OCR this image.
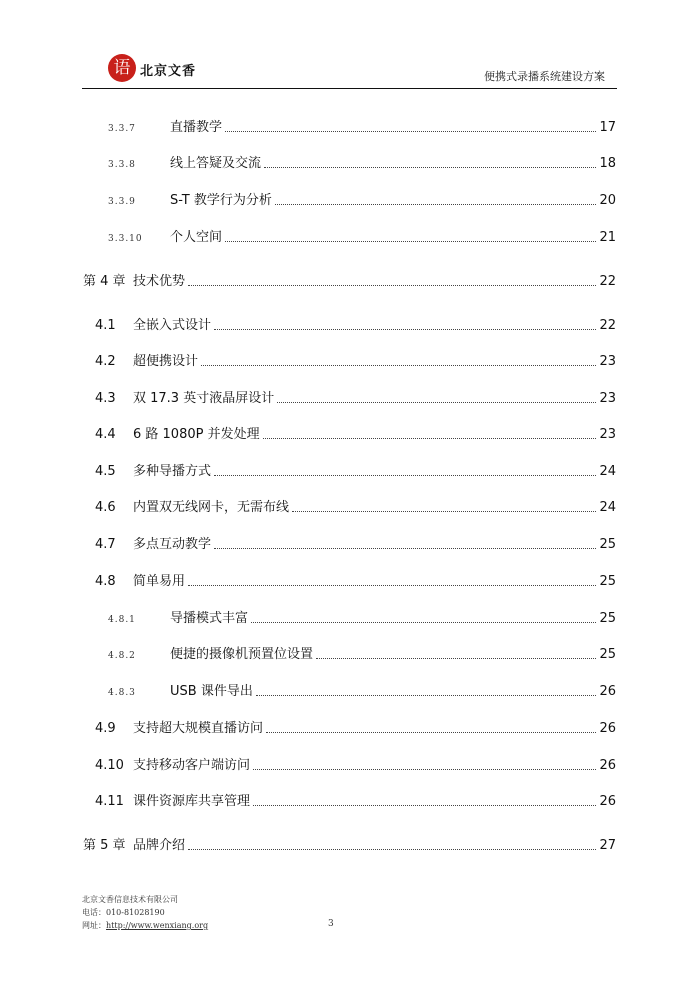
语 北京文香	便携式录播系统建设方案
3.3.7	直播教学	17
3.3.8	线上答疑及交流	18
3.3.9	S-T 教学行为分析	20
3.3.10	个人空间	21
第 4 章 技术优势	22
4.1	全嵌入式设计	22
4.2	超便携设计	23
4.3	双 17.3 英寸液晶屏设计	23
4.4	6 路 1080P 并发处理	23
4.5	多种导播方式	24
4.6	内置双无线网卡，无需布线	24
4.7	多点互动教学	25
4.8	简单易用	25
4.8.1	导播模式丰富	25
4.8.2	便捷的摄像机预置位设置	25
4.8.3	USB 课件导出	26
4.9	支持超大规模直播访问	26
4.10 支持移动客户端访问	26
4.11 课件资源库共享管理	26
第 5 章 品牌介绍	27
北京文香信息技术有限公司
电话：010-81028190
网址：http://www.wenxiang.org	3
